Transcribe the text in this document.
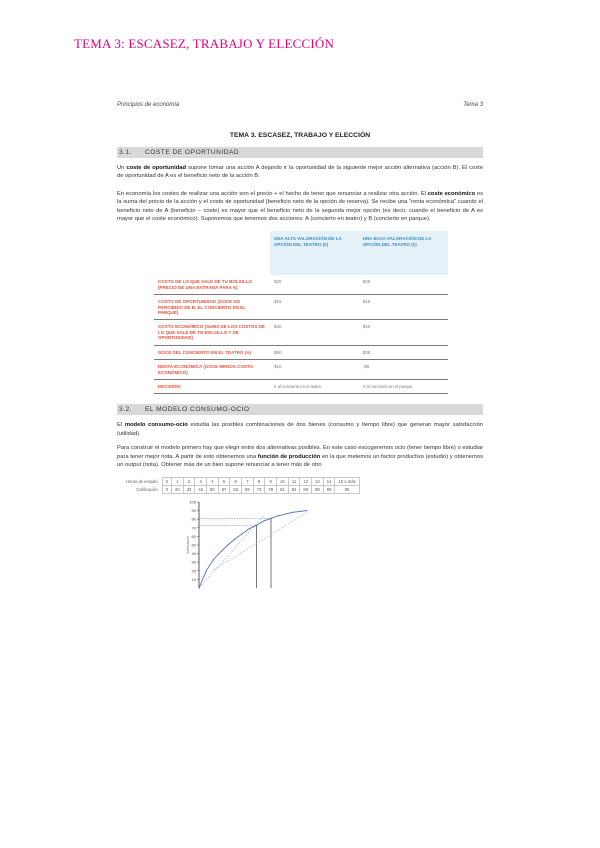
TEMA 3: ESCASEZ, TRABAJO Y ELECCIÓN
Principios de economía	Tema 3
TEMA 3. ESCASEZ, TRABAJO Y ELECCIÓN
3.1. COSTE DE OPORTUNIDAD

Un coste de oportunidad supone tomar una acción A dejando ir la oportunidad de la siguiente mejor acción alternativa (acción B). El coste de oportunidad de A es el beneficio neto de la acción B.

En economía los costes de realizar una acción son el precio + el hecho de tener que renunciar a realizar otra acción. El coste económico es la suma del precio de la acción y el coste de oportunidad (beneficio neto de la opción de reserva). Se recibe una "renta económica" cuando el beneficio neto de A (beneficio − coste) es mayor que el beneficio neto de la segunda mejor opción (es decir, cuando el beneficio de A es mayor que el coste económico). Suponemos que tenemos dos acciones: A (concierto en teatro) y B (concierto en parque).

	UNA ALTA VALORACIÓN DE LA OPCIÓN DEL TEATRO (€)	UNA BAJA VALORACIÓN DE LA OPCIÓN DEL TEATRO (€)
COSTO DE LO QUE SALE DE TU BOLSILLO (PRECIO DE UNA ENTRADA PARA A)	$25	$25
COSTO DE OPORTUNIDAD (GOCE NO PERCIBIDO DE B, EL CONCIERTO EN EL PARQUE)	$15	$15
COSTO ECONÓMICO (SUMA DE LOS COSTOS DE LO QUE SALE DE TU BOLSILLO Y DE OPORTUNIDAD)	$40	$40
GOCE DEL CONCIERTO EN EL TEATRO (A)	$50	$35
RENTA ECONÓMICA (GOCE MENOS COSTO ECONÓMICO)	$10	-$5
DECISIÓN:	Ir al concierto en el teatro	Ir al concierto en el parque
3.2. EL MODELO CONSUMO-OCIO

El modelo consumo-ocio estudia las posibles combinaciones de dos bienes (consumo y tiempo libre) que generan mayor satisfacción (utilidad)

Para construir el modelo primero hay que elegir entre dos alternativas posibles. En este caso escogeremos ocio (tener tiempo libre) o estudiar para tener mejor nota. A partir de esto obtenemos una función de producción en la que metemos un factor productivo (estudio) y obtenemos un output (nota). Obtener más de un bien supone renunciar a tener más de otro

Horas de estudio	0	1	2	3	4	5	6	7	8	9	10	11	12	13	14	15 o más
Calificación	0	20	33	42	50	57	63	69	73	78	81	84	86	88	89	90
100
90
80
70
60
50
40
30
20
10
Calificación
